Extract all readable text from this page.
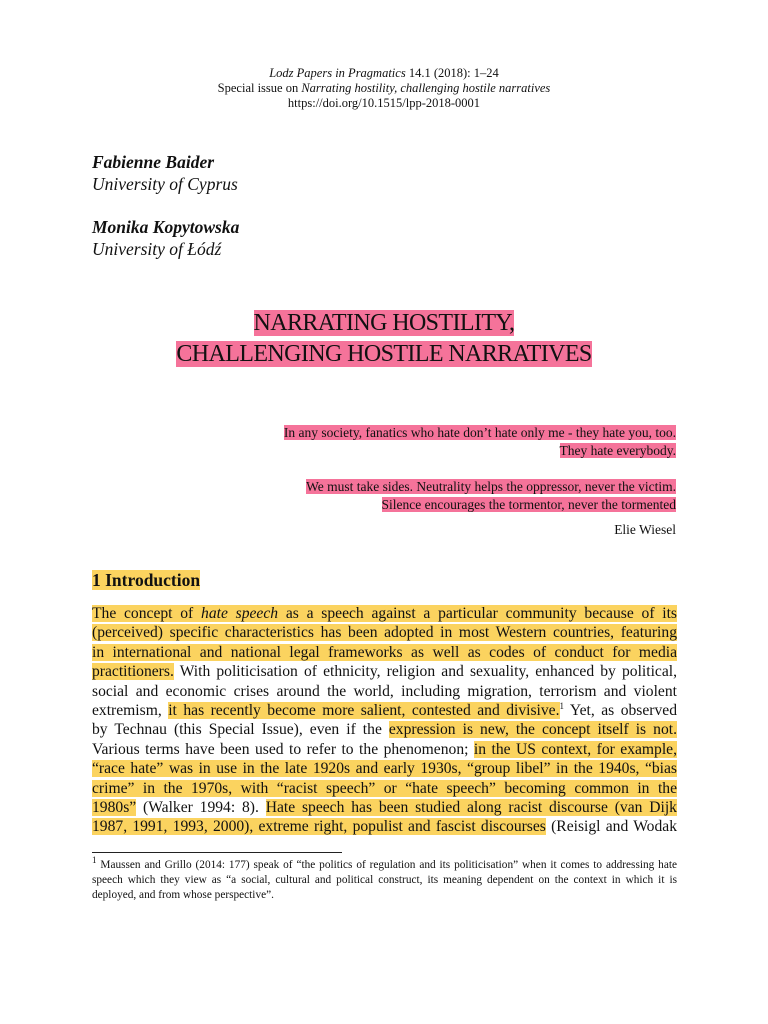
Lodz Papers in Pragmatics 14.1 (2018): 1–24
Special issue on Narrating hostility, challenging hostile narratives
https://doi.org/10.1515/lpp-2018-0001
Fabienne Baider
University of Cyprus
Monika Kopytowska
University of Łódź
NARRATING HOSTILITY,
CHALLENGING HOSTILE NARRATIVES
In any society, fanatics who hate don’t hate only me - they hate you, too.
They hate everybody.
We must take sides. Neutrality helps the oppressor, never the victim.
Silence encourages the tormentor, never the tormented
Elie Wiesel
1 Introduction
The concept of hate speech as a speech against a particular community because of its
(perceived) specific characteristics has been adopted in most Western countries, featuring
in international and national legal frameworks as well as codes of conduct for media
practitioners. With politicisation of ethnicity, religion and sexuality, enhanced by political,
social and economic crises around the world, including migration, terrorism and violent
extremism, it has recently become more salient, contested and divisive.$^1$ Yet, as observed
by Technau (this Special Issue), even if the expression is new, the concept itself is not.
Various terms have been used to refer to the phenomenon; in the US context, for example,
“race hate” was in use in the late 1920s and early 1930s, “group libel” in the 1940s, “bias
crime” in the 1970s, with “racist speech” or “hate speech” becoming common in the
1980s” (Walker 1994: 8). Hate speech has been studied along racist discourse (van Dijk
1987, 1991, 1993, 2000), extreme right, populist and fascist discourses (Reisigl and Wodak
$^1$ Maussen and Grillo (2014: 177) speak of “the politics of regulation and its politicisation” when it comes to addressing hate speech which they view as “a social, cultural and political construct, its meaning dependent on the context in which it is deployed, and from whose perspective”.
